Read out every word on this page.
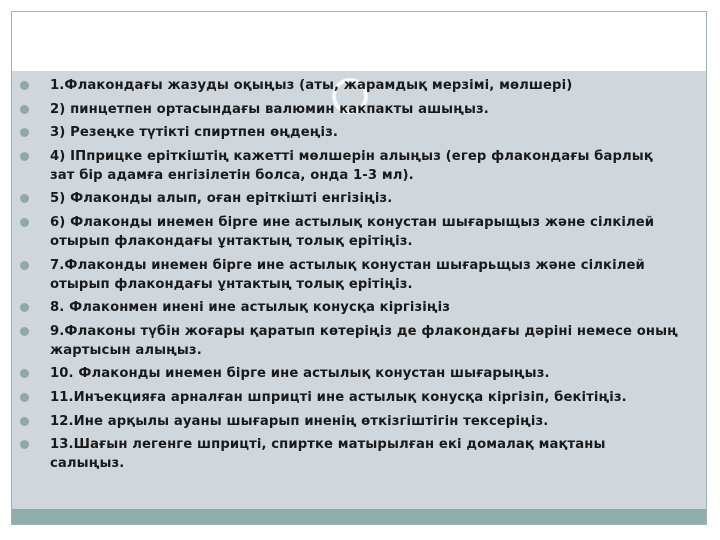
1.Флакондағы жазуды оқыңыз (аты, жарамдық мерзімі, мөлшері)
2) пинцетпен ортасындағы валюмин какпакты ашыңыз.
3) Резеңке түтікті спиртпен өңдеңіз.
4) IПприцке еріткіштің кажетті мөлшерін алыңыз (егер флакондағы барлық зат бір адамға енгізілетін болса, онда 1-3 мл).
5) Флаконды алып, оған еріткішті енгізіңіз.
6) Флаконды инемен бірге ине астылық конустан шығарыщыз және сілкілей отырып флакондағы ұнтактың толық ерітіңіз.
7.Флаконды инемен бірге ине астылық конустан шығарьщыз және сілкілей отырып флакондағы ұнтактың толық ерітіңіз.
8. Флаконмен инені ине астылық конусқа кіргізіңіз
9.Флаконы түбін жоғары қаратып көтеріңіз де флакондағы дәріні немесе оның жартысын алыңыз.
10. Флаконды инемен бірге ине астылық конустан шығарыңыз.
11.Инъекцияға арналған шприцті ине астылық конусқа кіргізіп, бекітіңіз.
12.Ине арқылы ауаны шығарып иненің өткізгіштігін тексеріңіз.
13.Шағын легенге шприцті, спиртке матырылған екі домалақ мақтаны салыңыз.
